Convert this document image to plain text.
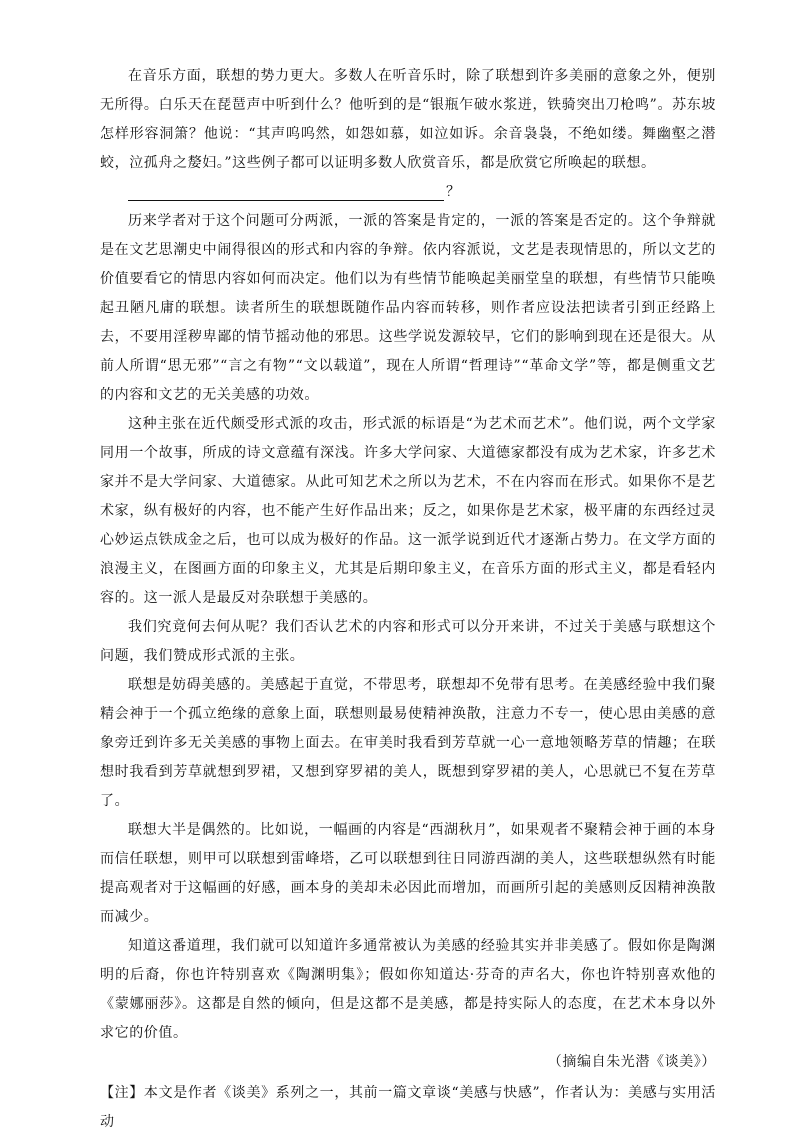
在音乐方面，联想的势力更大。多数人在听音乐时，除了联想到许多美丽的意象之外，便别无所得。白乐天在琵琶声中听到什么？他听到的是“银瓶乍破水浆迸，铁骑突出刀枪鸣”。苏东坡怎样形容洞箫？他说：“其声呜呜然，如怨如慕，如泣如诉。余音袅袅，不绝如缕。舞幽壑之潜蛟，泣孤舟之嫠妇。”这些例子都可以证明多数人欣赏音乐，都是欣赏它所唤起的联想。

？

历来学者对于这个问题可分两派，一派的答案是肯定的，一派的答案是否定的。这个争辩就是在文艺思潮史中闹得很凶的形式和内容的争辩。依内容派说，文艺是表现情思的，所以文艺的价值要看它的情思内容如何而决定。他们以为有些情节能唤起美丽堂皇的联想，有些情节只能唤起丑陋凡庸的联想。读者所生的联想既随作品内容而转移，则作者应设法把读者引到正经路上去，不要用淫秽卑鄙的情节摇动他的邪思。这些学说发源较早，它们的影响到现在还是很大。从前人所谓“思无邪”“言之有物”“文以载道”，现在人所谓“哲理诗”“革命文学”等，都是侧重文艺的内容和文艺的无关美感的功效。

这种主张在近代颇受形式派的攻击，形式派的标语是“为艺术而艺术”。他们说，两个文学家同用一个故事，所成的诗文意蕴有深浅。许多大学问家、大道德家都没有成为艺术家，许多艺术家并不是大学问家、大道德家。从此可知艺术之所以为艺术，不在内容而在形式。如果你不是艺术家，纵有极好的内容，也不能产生好作品出来；反之，如果你是艺术家，极平庸的东西经过灵心妙运点铁成金之后，也可以成为极好的作品。这一派学说到近代才逐渐占势力。在文学方面的浪漫主义，在图画方面的印象主义，尤其是后期印象主义，在音乐方面的形式主义，都是看轻内容的。这一派人是最反对杂联想于美感的。

我们究竟何去何从呢？我们否认艺术的内容和形式可以分开来讲，不过关于美感与联想这个问题，我们赞成形式派的主张。

联想是妨碍美感的。美感起于直觉，不带思考，联想却不免带有思考。在美感经验中我们聚精会神于一个孤立绝缘的意象上面，联想则最易使精神涣散，注意力不专一，使心思由美感的意象旁迁到许多无关美感的事物上面去。在审美时我看到芳草就一心一意地领略芳草的情趣；在联想时我看到芳草就想到罗裙，又想到穿罗裙的美人，既想到穿罗裙的美人，心思就已不复在芳草了。

联想大半是偶然的。比如说，一幅画的内容是“西湖秋月”，如果观者不聚精会神于画的本身而信任联想，则甲可以联想到雷峰塔，乙可以联想到往日同游西湖的美人，这些联想纵然有时能提高观者对于这幅画的好感，画本身的美却未必因此而增加，而画所引起的美感则反因精神涣散而减少。

知道这番道理，我们就可以知道许多通常被认为美感的经验其实并非美感了。假如你是陶渊明的后裔，你也许特别喜欢《陶渊明集》；假如你知道达·芬奇的声名大，你也许特别喜欢他的《蒙娜丽莎》。这都是自然的倾向，但是这都不是美感，都是持实际人的态度，在艺术本身以外求它的价值。

（摘编自朱光潜《谈美》）

【注】本文是作者《谈美》系列之一，其前一篇文章谈“美感与快感”，作者认为：美感与实用活动
